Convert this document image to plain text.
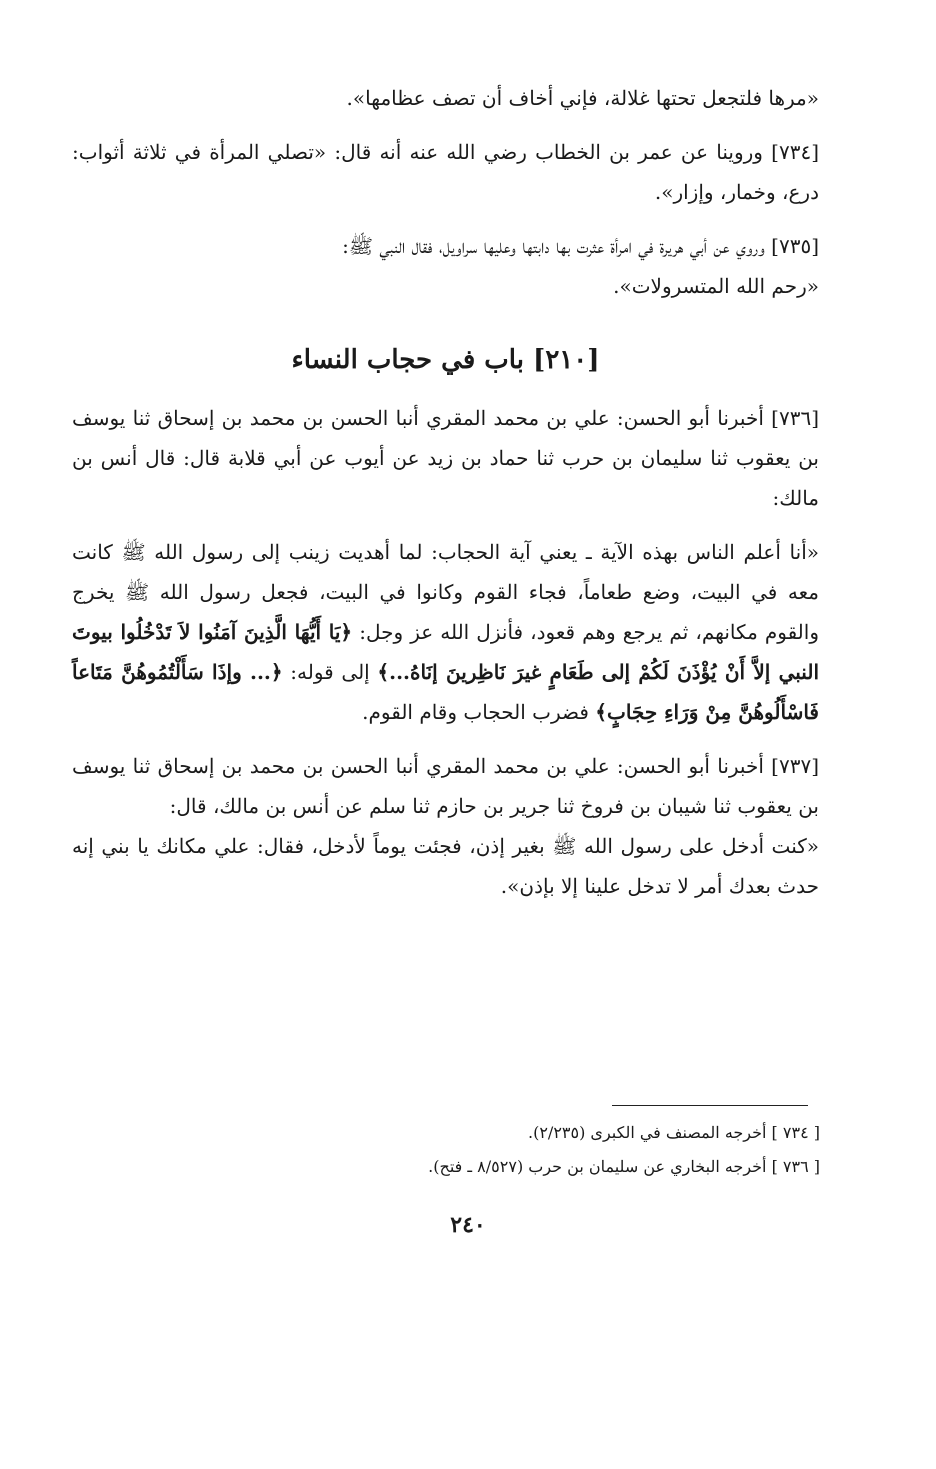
«مرها فلتجعل تحتها غلالة، فإني أخاف أن تصف عظامها».

[٧٣٤] وروينا عن عمر بن الخطاب رضي الله عنه أنه قال: «تصلي المرأة في ثلاثة أثواب: درع، وخمار، وإزار».

[٧٣٥] وروي عن أبي هريرة في امرأة عثرت بها دابتها وعليها سراويل، فقال النبي ﷺ:

«رحم الله المتسرولات».

[٢١٠] باب في حجاب النساء

[٧٣٦] أخبرنا أبو الحسن: علي بن محمد المقري أنبا الحسن بن محمد بن إسحاق ثنا يوسف بن يعقوب ثنا سليمان بن حرب ثنا حماد بن زيد عن أيوب عن أبي قلابة قال: قال أنس بن مالك:

«أنا أعلم الناس بهذه الآية ـ يعني آية الحجاب: لما أهديت زينب إلى رسول الله ﷺ كانت معه في البيت، وضع طعاماً، فجاء القوم وكانوا في البيت، فجعل رسول الله ﷺ يخرج والقوم مكانهم، ثم يرجع وهم قعود، فأنزل الله عز وجل: ﴿يَا أَيُّهَا الَّذِينَ آمَنُوا لاَ تَدْخُلُوا بيوتَ النبي إلاَّ أَنْ يُؤْذَنَ لَكُمْ إلى طَعَامٍ غيرَ نَاظِرينَ إنَاهُ...﴾ إلى قوله: ﴿... وإذَا سَأَلْتُمُوهُنَّ مَتَاعاً فَاسْأَلُوهُنَّ مِنْ وَرَاءِ حِجَابٍ﴾ فضرب الحجاب وقام القوم.

[٧٣٧] أخبرنا أبو الحسن: علي بن محمد المقري أنبا الحسن بن محمد بن إسحاق ثنا يوسف بن يعقوب ثنا شيبان بن فروخ ثنا جرير بن حازم ثنا سلم عن أنس بن مالك، قال:

«كنت أدخل على رسول الله ﷺ بغير إذن، فجئت يوماً لأدخل، فقال: علي مكانك يا بني إنه حدث بعدك أمر لا تدخل علينا إلا بإذن».

[ ٧٣٤ ] أخرجه المصنف في الكبرى (٢/٢٣٥).

[ ٧٣٦ ] أخرجه البخاري عن سليمان بن حرب (٨/٥٢٧ ـ فتح).

٢٤٠
